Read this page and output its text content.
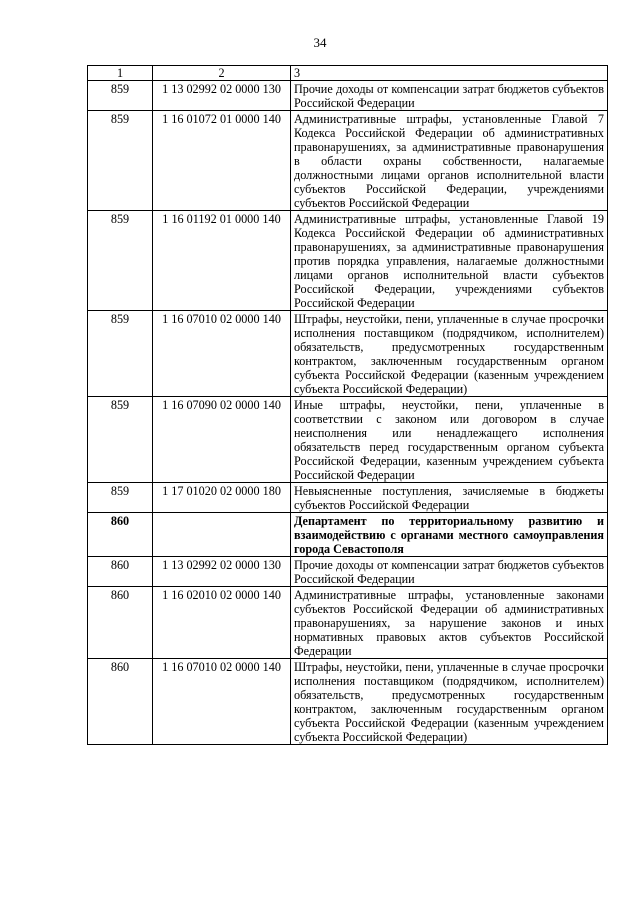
34
1	2	3
859	1 13 02992 02 0000 130	Прочие доходы от компенсации затрат бюджетов субъектов Российской Федерации
859	1 16 01072 01 0000 140	Административные штрафы, установленные Главой 7 Кодекса Российской Федерации об административных правонарушениях, за административные правонарушения в области охраны собственности, налагаемые должностными лицами органов исполнительной власти субъектов Российской Федерации, учреждениями субъектов Российской Федерации
859	1 16 01192 01 0000 140	Административные штрафы, установленные Главой 19 Кодекса Российской Федерации об административных правонарушениях, за административные правонарушения против порядка управления, налагаемые должностными лицами органов исполнительной власти субъектов Российской Федерации, учреждениями субъектов Российской Федерации
859	1 16 07010 02 0000 140	Штрафы, неустойки, пени, уплаченные в случае просрочки исполнения поставщиком (подрядчиком, исполнителем) обязательств, предусмотренных государственным контрактом, заключенным государственным органом субъекта Российской Федерации (казенным учреждением субъекта Российской Федерации)
859	1 16 07090 02 0000 140	Иные штрафы, неустойки, пени, уплаченные в соответствии с законом или договором в случае неисполнения или ненадлежащего исполнения обязательств перед государственным органом субъекта Российской Федерации, казенным учреждением субъекта Российской Федерации
859	1 17 01020 02 0000 180	Невыясненные поступления, зачисляемые в бюджеты субъектов Российской Федерации
860		Департамент по территориальному развитию и взаимодействию с органами местного самоуправления города Севастополя
860	1 13 02992 02 0000 130	Прочие доходы от компенсации затрат бюджетов субъектов Российской Федерации
860	1 16 02010 02 0000 140	Административные штрафы, установленные законами субъектов Российской Федерации об административных правонарушениях, за нарушение законов и иных нормативных правовых актов субъектов Российской Федерации
860	1 16 07010 02 0000 140	Штрафы, неустойки, пени, уплаченные в случае просрочки исполнения поставщиком (подрядчиком, исполнителем) обязательств, предусмотренных государственным контрактом, заключенным государственным органом субъекта Российской Федерации (казенным учреждением субъекта Российской Федерации)
